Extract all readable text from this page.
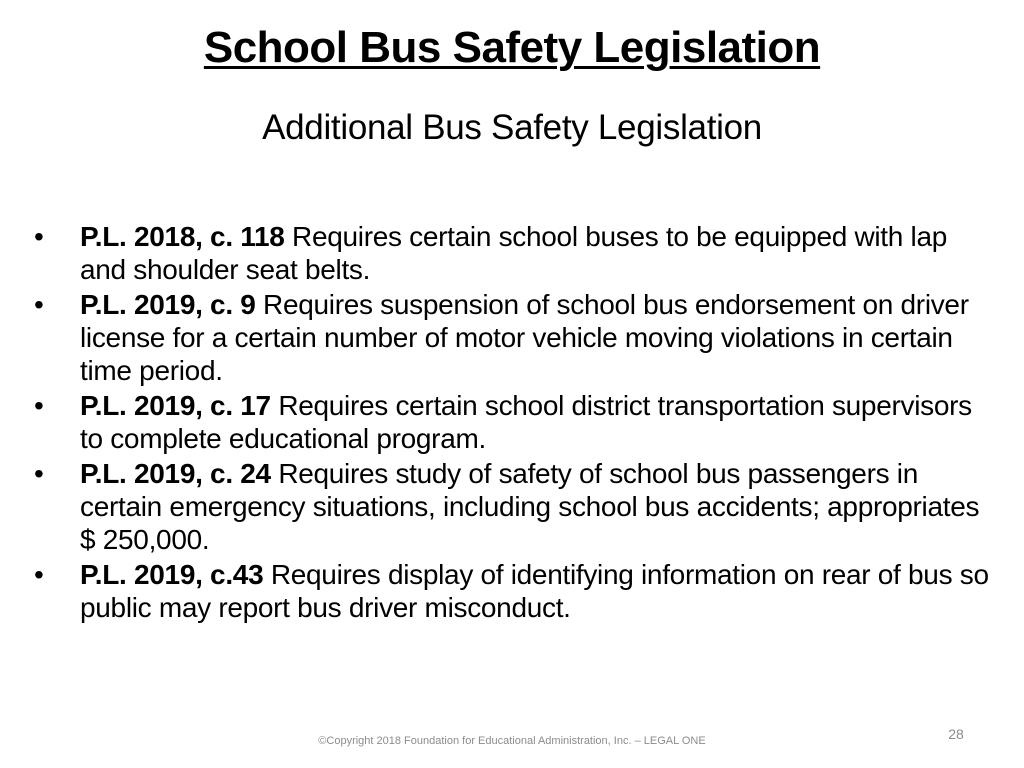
School Bus Safety Legislation
Additional Bus Safety Legislation
•	P.L. 2018, c. 118 Requires certain school buses to be equipped with lap and shoulder seat belts.
•	P.L. 2019, c. 9 Requires suspension of school bus endorsement on driver license for a certain number of motor vehicle moving violations in certain time period.
•	P.L. 2019, c. 17 Requires certain school district transportation supervisors to complete educational program.
•	P.L. 2019, c. 24 Requires study of safety of school bus passengers in certain emergency situations, including school bus accidents; appropriates $ 250,000.
•	P.L. 2019, c.43 Requires display of identifying information on rear of bus so public may report bus driver misconduct.
©Copyright 2018 Foundation for Educational Administration, Inc. – LEGAL ONE	28
